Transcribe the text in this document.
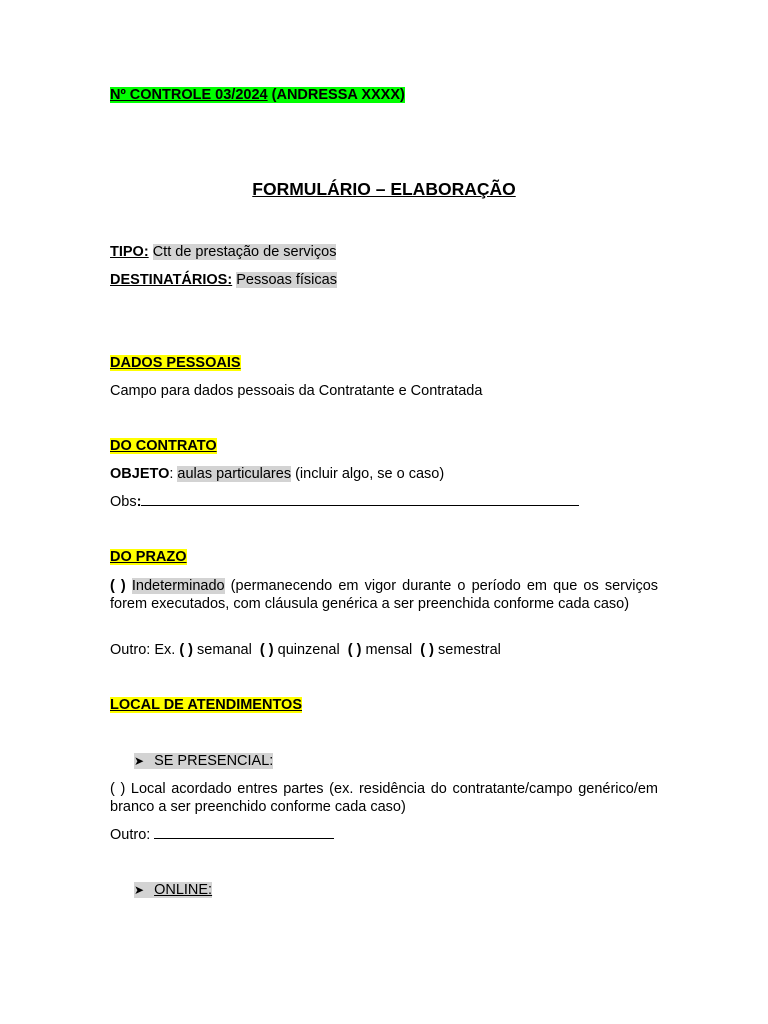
Nº CONTROLE 03/2024 (ANDRESSA XXXX)
FORMULÁRIO – ELABORAÇÃO
TIPO: Ctt de prestação de serviços
DESTINATÁRIOS: Pessoas físicas
DADOS PESSOAIS
Campo para dados pessoais da Contratante e Contratada
DO CONTRATO
OBJETO: aulas particulares (incluir algo, se o caso)
Obs:
DO PRAZO
( ) Indeterminado (permanecendo em vigor durante o período em que os serviços forem executados, com cláusula genérica a ser preenchida conforme cada caso)
Outro: Ex. ( ) semanal ( ) quinzenal ( ) mensal ( ) semestral
LOCAL DE ATENDIMENTOS
➤ SE PRESENCIAL:
( ) Local acordado entres partes (ex. residência do contratante/campo genérico/em branco a ser preenchido conforme cada caso)
Outro:
➤ ONLINE:
